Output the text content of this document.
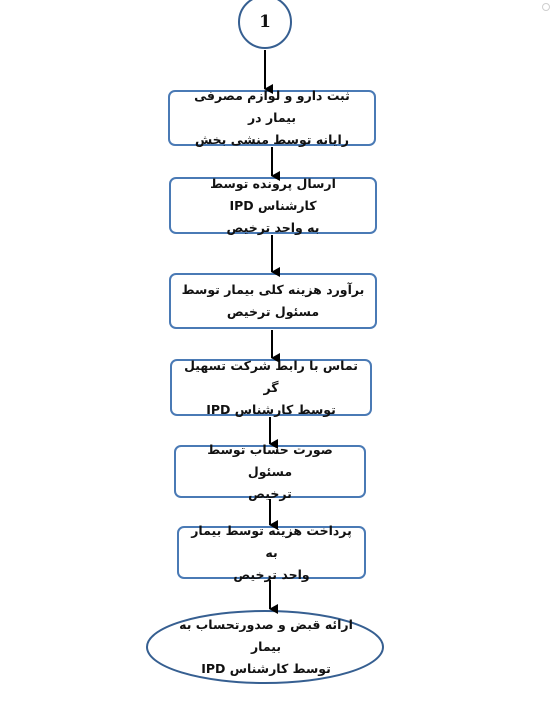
1
ثبت دارو و لوازم مصرفی بیمار در
رایانه توسط منشی بخش
ارسال پرونده توسط کارشناس IPD
به واحد ترخیص
برآورد هزینه کلی بیمار توسط
مسئول ترخیص
تماس با رابط شرکت تسهیل گر
توسط کارشناس IPD
صورت حساب توسط مسئول
ترخیص
پرداخت هزینه توسط بیمار به
واحد ترخیص
ارائه قبض و صدورتحساب به بیمار
توسط کارشناس IPD
